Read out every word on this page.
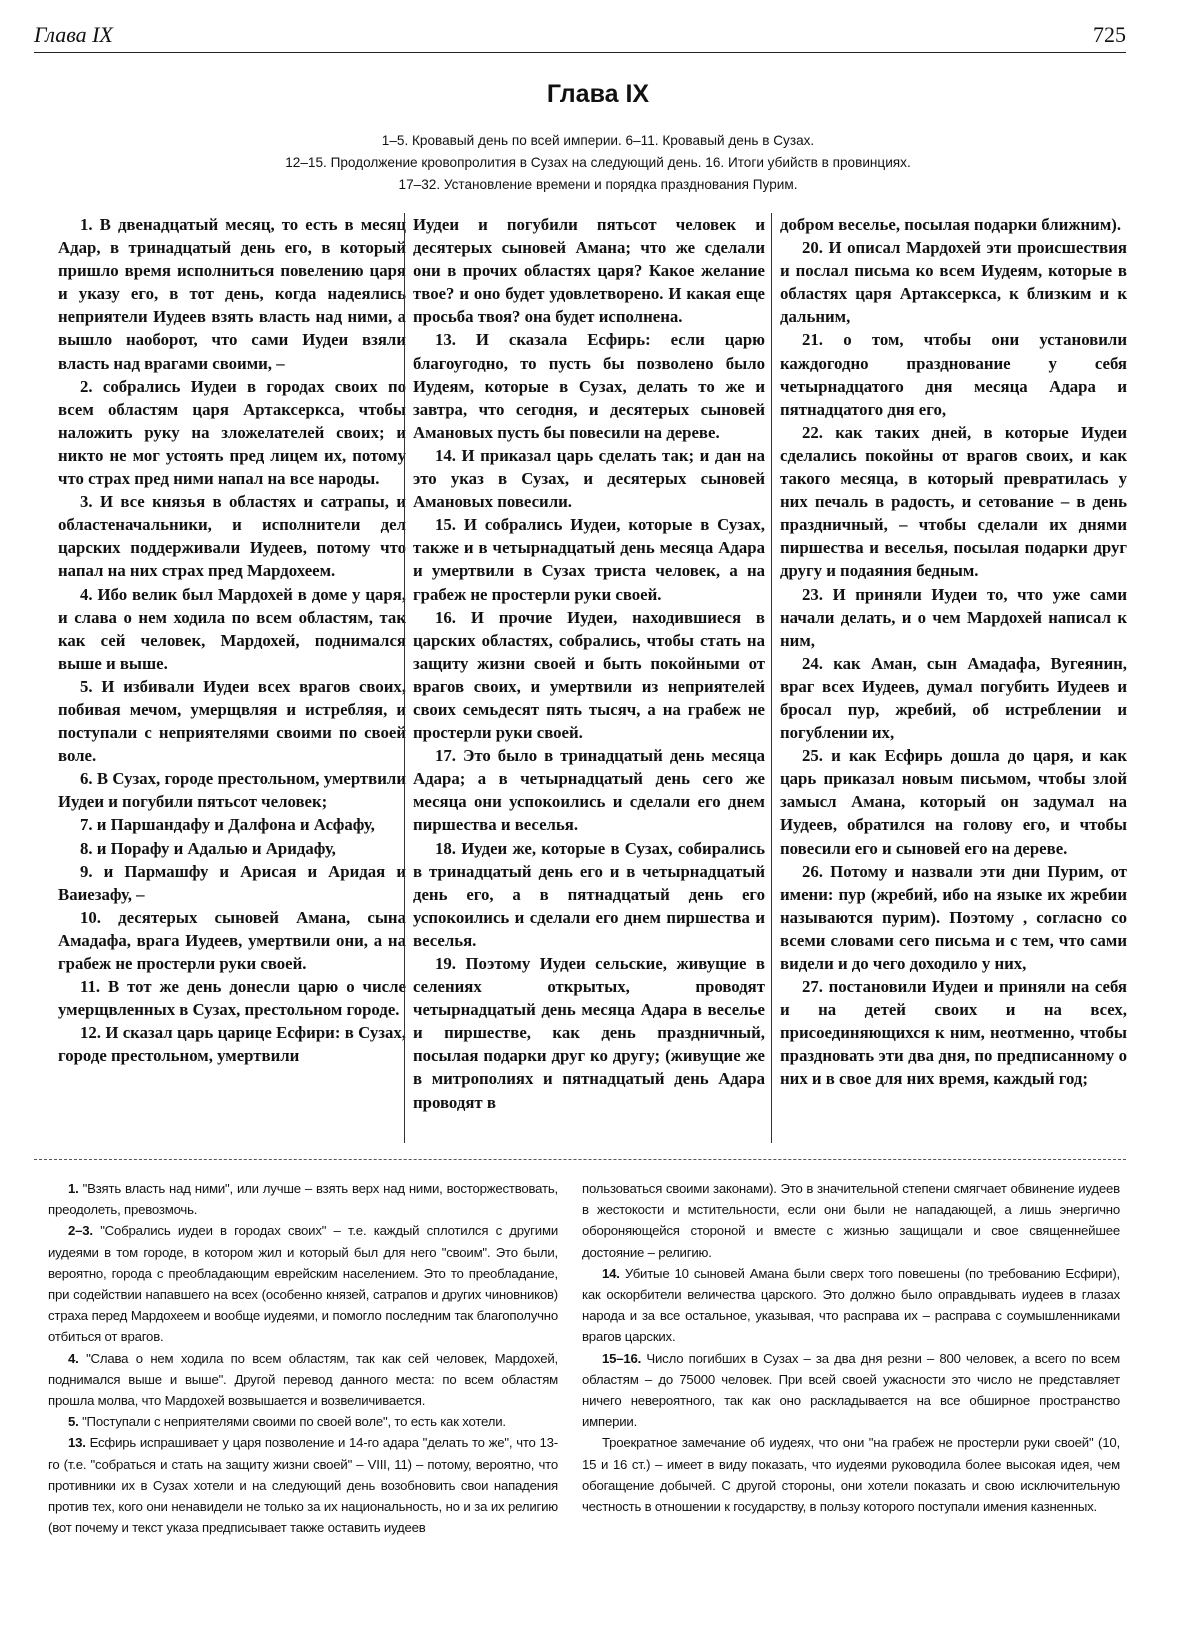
Глава IX	725
Глава IX
1–5. Кровавый день по всей империи. 6–11. Кровавый день в Сузах.
12–15. Продолжение кровопролития в Сузах на следующий день. 16. Итоги убийств в провинциях.
17–32. Установление времени и порядка празднования Пурим.

1. В двенадцатый месяц, то есть в месяц Адар, в тринадцатый день его, в который пришло время исполниться повелению царя и указу его, в тот день, когда надеялись неприятели Иудеев взять власть над ними, а вышло наоборот, что сами Иудеи взяли власть над врагами своими, –

2. собрались Иудеи в городах своих по всем областям царя Артаксеркса, чтобы наложить руку на зложелателей своих; и никто не мог устоять пред лицем их, потому что страх пред ними напал на все народы.

3. И все князья в областях и сатрапы, и областеначальники, и исполнители дел царских поддерживали Иудеев, потому что напал на них страх пред Мардохеем.

4. Ибо велик был Мардохей в доме у царя, и слава о нем ходила по всем областям, так как сей человек, Мардохей, поднимался выше и выше.

5. И избивали Иудеи всех врагов своих, побивая мечом, умерщвляя и истребляя, и поступали с неприятелями своими по своей воле.

6. В Сузах, городе престольном, умертвили Иудеи и погубили пятьсот человек;

7. и Паршандафу и Далфона и Асфафу,

8. и Порафу и Адалью и Аридафу,

9. и Пармашфу и Арисая и Аридая и Ваиезафу, –

10. десятерых сыновей Амана, сына Амадафа, врага Иудеев, умертвили они, а на грабеж не простерли руки своей.

11. В тот же день донесли царю о числе умерщвленных в Сузах, престольном городе.

12. И сказал царь царице Есфири: в Сузах, городе престольном, умертвили

Иудеи и погубили пятьсот человек и десятерых сыновей Амана; что же сделали они в прочих областях царя? Какое желание твое? и оно будет удовлетворено. И какая еще просьба твоя? она будет исполнена.

13. И сказала Есфирь: если царю благоугодно, то пусть бы позволено было Иудеям, которые в Сузах, делать то же и завтра, что сегодня, и десятерых сыновей Амановых пусть бы повесили на дереве.

14. И приказал царь сделать так; и дан на это указ в Сузах, и десятерых сыновей Амановых повесили.

15. И собрались Иудеи, которые в Сузах, также и в четырнадцатый день месяца Адара и умертвили в Сузах триста человек, а на грабеж не простерли руки своей.

16. И прочие Иудеи, находившиеся в царских областях, собрались, чтобы стать на защиту жизни своей и быть покойными от врагов своих, и умертвили из неприятелей своих семьдесят пять тысяч, а на грабеж не простерли руки своей.

17. Это было в тринадцатый день месяца Адара; а в четырнадцатый день сего же месяца они успокоились и сделали его днем пиршества и веселья.

18. Иудеи же, которые в Сузах, собирались в тринадцатый день его и в четырнадцатый день его, а в пятнадцатый день его успокоились и сделали его днем пиршества и веселья.

19. Поэтому Иудеи сельские, живущие в селениях открытых, проводят четырнадцатый день месяца Адара в веселье и пиршестве, как день праздничный, посылая подарки друг ко другу; (живущие же в митрополиях и пятнадцатый день Адара проводят в

добром веселье, посылая подарки ближним).

20. И описал Мардохей эти происшествия и послал письма ко всем Иудеям, которые в областях царя Артаксеркса, к близким и к дальним,

21. о том, чтобы они установили каждогодно празднование у себя четырнадцатого дня месяца Адара и пятнадцатого дня его,

22. как таких дней, в которые Иудеи сделались покойны от врагов своих, и как такого месяца, в который превратилась у них печаль в радость, и сетование – в день праздничный, – чтобы сделали их днями пиршества и веселья, посылая подарки друг другу и подаяния бедным.

23. И приняли Иудеи то, что уже сами начали делать, и о чем Мардохей написал к ним,

24. как Аман, сын Амадафа, Вугеянин, враг всех Иудеев, думал погубить Иудеев и бросал пур, жребий, об истреблении и погублении их,

25. и как Есфирь дошла до царя, и как царь приказал новым письмом, чтобы злой замысл Амана, который он задумал на Иудеев, обратился на голову его, и чтобы повесили его и сыновей его на дереве.

26. Потому и назвали эти дни Пурим, от имени: пур (жребий, ибо на языке их жребии называются пурим). Поэтому , согласно со всеми словами сего письма и с тем, что сами видели и до чего доходило у них,

27. постановили Иудеи и приняли на себя и на детей своих и на всех, присоединяющихся к ним, неотменно, чтобы праздновать эти два дня, по предписанному о них и в свое для них время, каждый год;

1. "Взять власть над ними", или лучше – взять верх над ними, восторжествовать, преодолеть, превозмочь.

2–3. "Собрались иудеи в городах своих" – т.е. каждый сплотился с другими иудеями в том городе, в котором жил и который был для него "своим". Это были, вероятно, города с преобладающим еврейским населением. Это то преобладание, при содействии напавшего на всех (особенно князей, сатрапов и других чиновников) страха перед Мардохеем и вообще иудеями, и помогло последним так благополучно отбиться от врагов.

4. "Слава о нем ходила по всем областям, так как сей человек, Мардохей, поднимался выше и выше". Другой перевод данного места: по всем областям прошла молва, что Мардохей возвышается и возвеличивается.

5. "Поступали с неприятелями своими по своей воле", то есть как хотели.

13. Есфирь испрашивает у царя позволение и 14-го адара "делать то же", что 13-го (т.е. "собраться и стать на защиту жизни своей" – VIII, 11) – потому, вероятно, что противники их в Сузах хотели и на следующий день возобновить свои нападения против тех, кого они ненавидели не только за их национальность, но и за их религию (вот почему и текст указа предписывает также оставить иудеев

пользоваться своими законами). Это в значительной степени смягчает обвинение иудеев в жестокости и мстительности, если они были не нападающей, а лишь энергично обороняющейся стороной и вместе с жизнью защищали и свое священнейшее достояние – религию.

14. Убитые 10 сыновей Амана были сверх того повешены (по требованию Есфири), как оскорбители величества царского. Это должно было оправдывать иудеев в глазах народа и за все остальное, указывая, что расправа их – расправа с соумышленниками врагов царских.

15–16. Число погибших в Сузах – за два дня резни – 800 человек, а всего по всем областям – до 75000 человек. При всей своей ужасности это число не представляет ничего невероятного, так как оно раскладывается на все обширное пространство империи.

Троекратное замечание об иудеях, что они "на грабеж не простерли руки своей" (10, 15 и 16 ст.) – имеет в виду показать, что иудеями руководила более высокая идея, чем обогащение добычей. С другой стороны, они хотели показать и свою исключительную честность в отношении к государству, в пользу которого поступали имения казненных.
